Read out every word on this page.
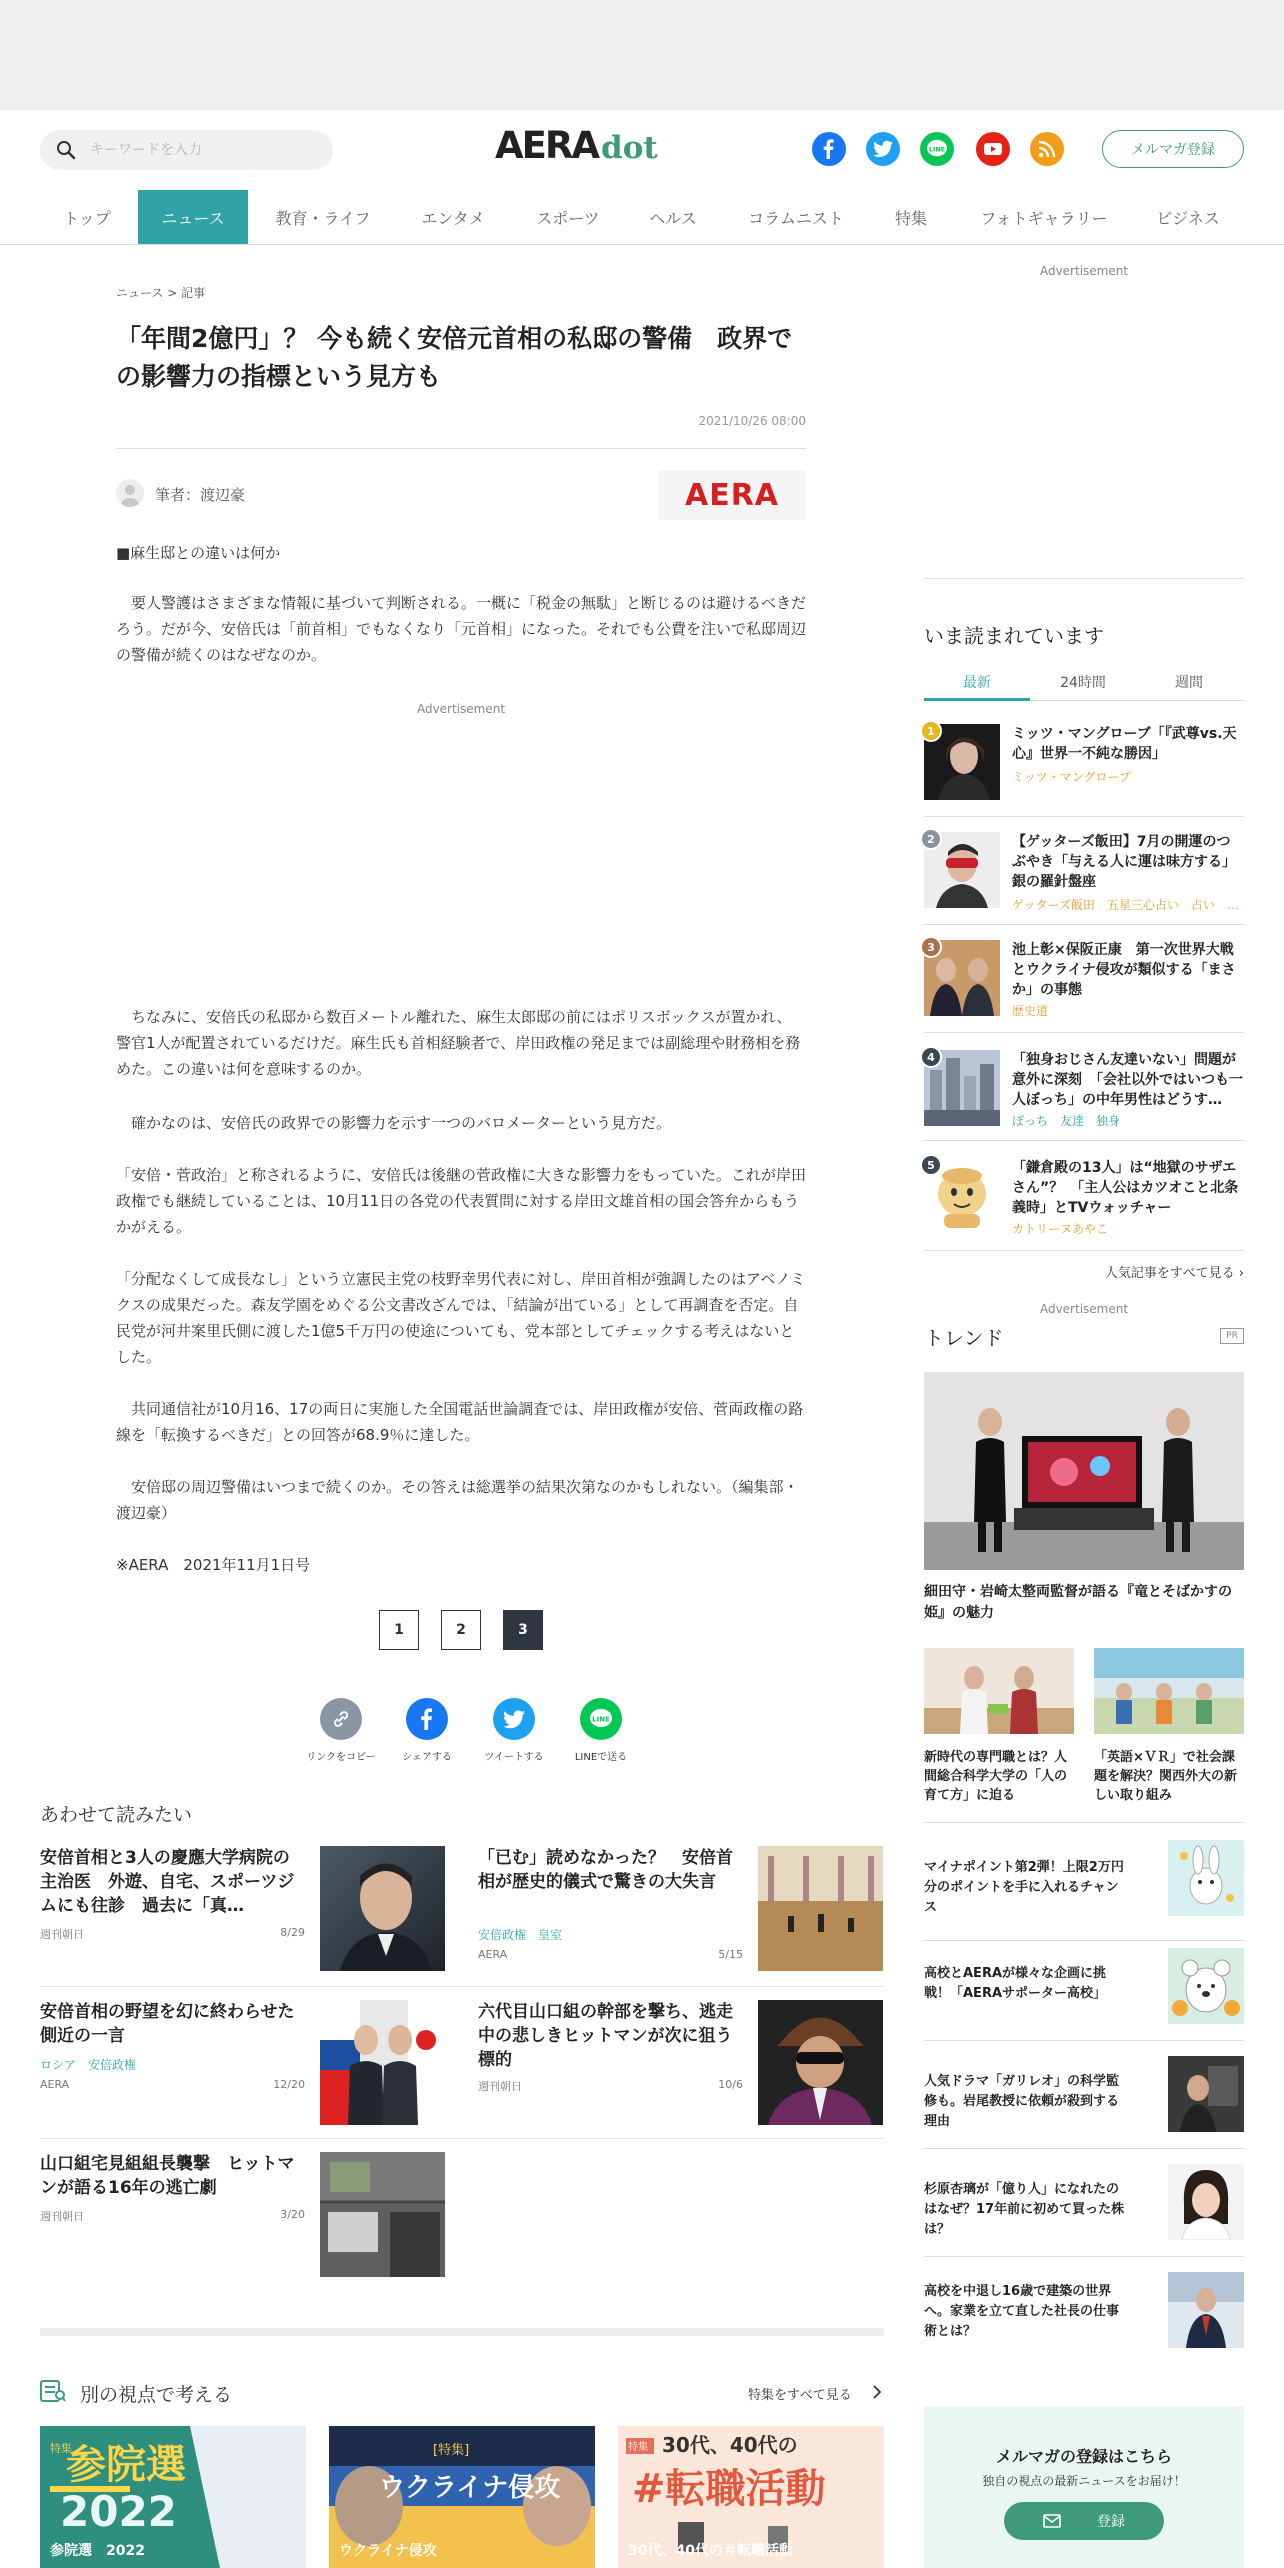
キーワードを入力
AERA dot	LINE	メルマガ登録
トップ	ニュース	教育・ライフ	エンタメ	スポーツ	ヘルス	コラムニスト	特集	フォトギャラリー	ビジネス
ニュース > 記事
「年間2億円」？ 今も続く安倍元首相の私邸の警備　政界での影響力の指標という見方も
2021/10/26 08:00
筆者：渡辺豪	AERA
■麻生邸との違いは何か
　要人警護はさまざまな情報に基づいて判断される。一概に「税金の無駄」と断じるのは避けるべきだろう。だが今、安倍氏は「前首相」でもなくなり「元首相」になった。それでも公費を注いで私邸周辺の警備が続くのはなぜなのか。
Advertisement
　ちなみに、安倍氏の私邸から数百メートル離れた、麻生太郎邸の前にはポリスボックスが置かれ、警官1人が配置されているだけだ。麻生氏も首相経験者で、岸田政権の発足までは副総理や財務相を務めた。この違いは何を意味するのか。
　確かなのは、安倍氏の政界での影響力を示す一つのバロメーターという見方だ。
「安倍・菅政治」と称されるように、安倍氏は後継の菅政権に大きな影響力をもっていた。これが岸田政権でも継続していることは、10月11日の各党の代表質問に対する岸田文雄首相の国会答弁からもうかがえる。
「分配なくして成長なし」という立憲民主党の枝野幸男代表に対し、岸田首相が強調したのはアベノミクスの成果だった。森友学園をめぐる公文書改ざんでは、「結論が出ている」として再調査を否定。自民党が河井案里氏側に渡した1億5千万円の使途についても、党本部としてチェックする考えはないとした。
　共同通信社が10月16、17の両日に実施した全国電話世論調査では、岸田政権が安倍、菅両政権の路線を「転換するべきだ」との回答が68.9％に達した。
　安倍邸の周辺警備はいつまで続くのか。その答えは総選挙の結果次第なのかもしれない。（編集部・渡辺豪）
※AERA　2021年11月1日号
1	2	3
リンクをコピー	シェアする	ツイートする
LINE
LINEで送る
あわせて読みたい
安倍首相と3人の慶應大学病院の主治医　外遊、自宅、スポーツジムにも往診　過去に「真…
週刊朝日	8/29
「已む」読めなかった？　安倍首相が歴史的儀式で驚きの大失言
安倍政権　皇室
AERA	5/15
安倍首相の野望を幻に終わらせた側近の一言
ロシア　安倍政権
AERA	12/20
六代目山口組の幹部を撃ち、逃走中の悲しきヒットマンが次に狙う標的
週刊朝日	10/6
山口組宅見組組長襲撃　ヒットマンが語る16年の逃亡劇
週刊朝日	3/20
別の視点で考える	特集をすべて見る
特集
参院選
2022
参院選　2022
[特集]
ウクライナ侵攻
ウクライナ侵攻
特集 30代、40代の
#転職活動
30代、40代の＃転職活動
Advertisement
いま読まれています
最新	24時間	週間
1	ミッツ・マングローブ「『武尊vs.天心』世界一不純な勝因」
ミッツ・マングローブ
2	【ゲッターズ飯田】7月の開運のつぶやき「与える人に運は味方する」銀の羅針盤座
ゲッターズ飯田　五星三心占い　占い　…
3	池上彰×保阪正康　第一次世界大戦とウクライナ侵攻が類似する「まさか」の事態
歴史道
4	「独身おじさん友達いない」問題が意外に深刻　「会社以外ではいつも一人ぼっち」の中年男性はどうす…
ぼっち　友達　独身
5	「鎌倉殿の13人」は“地獄のサザエさん”？　「主人公はカツオこと北条義時」とTVウォッチャー
カトリーヌあやこ
人気記事をすべて見る ›
Advertisement
トレンド	PR
細田守・岩崎太整両監督が語る『竜とそばかすの姫』の魅力
新時代の専門職とは？人間総合科学大学の「人の育て方」に迫る
「英語×ＶＲ」で社会課題を解決？関西外大の新しい取り組み
マイナポイント第2弾！上限2万円分のポイントを手に入れるチャンス
高校とAERAが様々な企画に挑戦！「AERAサポーター高校」
人気ドラマ「ガリレオ」の科学監修も。岩尾教授に依頼が殺到する理由
杉原杏璃が「億り人」になれたのはなぜ？17年前に初めて買った株は？
高校を中退し16歳で建築の世界へ。家業を立て直した社長の仕事術とは？
メルマガの登録はこちら
独自の視点の最新ニュースをお届け！
登録
